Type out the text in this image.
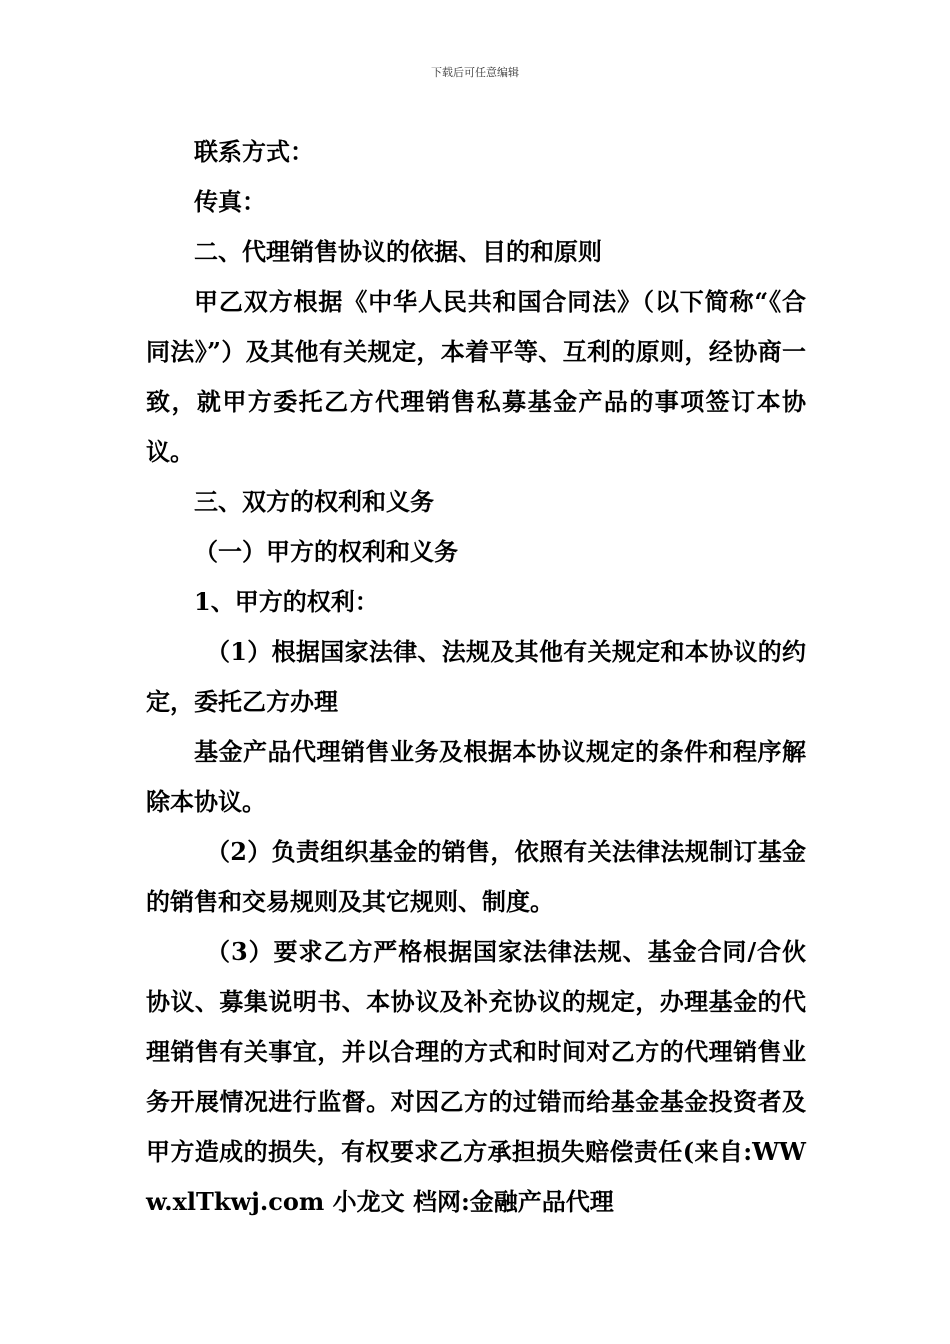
下载后可任意编辑

联系方式：

传真：

二、代理销售协议的依据、目的和原则

甲乙双方根据《中华人民共和国合同法》（以下简称“《合同法》”）及其他有关规定，本着平等、互利的原则，经协商一致，就甲方委托乙方代理销售私募基金产品的事项签订本协议。

三、双方的权利和义务

（一）甲方的权利和义务

1、甲方的权利：

（1）根据国家法律、法规及其他有关规定和本协议的约定，委托乙方办理

基金产品代理销售业务及根据本协议规定的条件和程序解除本协议。

（2）负责组织基金的销售，依照有关法律法规制订基金的销售和交易规则及其它规则、制度。

（3）要求乙方严格根据国家法律法规、基金合同/合伙协议、募集说明书、本协议及补充协议的规定，办理基金的代理销售有关事宜，并以合理的方式和时间对乙方的代理销售业务开展情况进行监督。对因乙方的过错而给基金基金投资者及甲方造成的损失，有权要求乙方承担损失赔偿责任(来自:WWw.xlTkwj.com 小龙文 档网:金融产品代理
